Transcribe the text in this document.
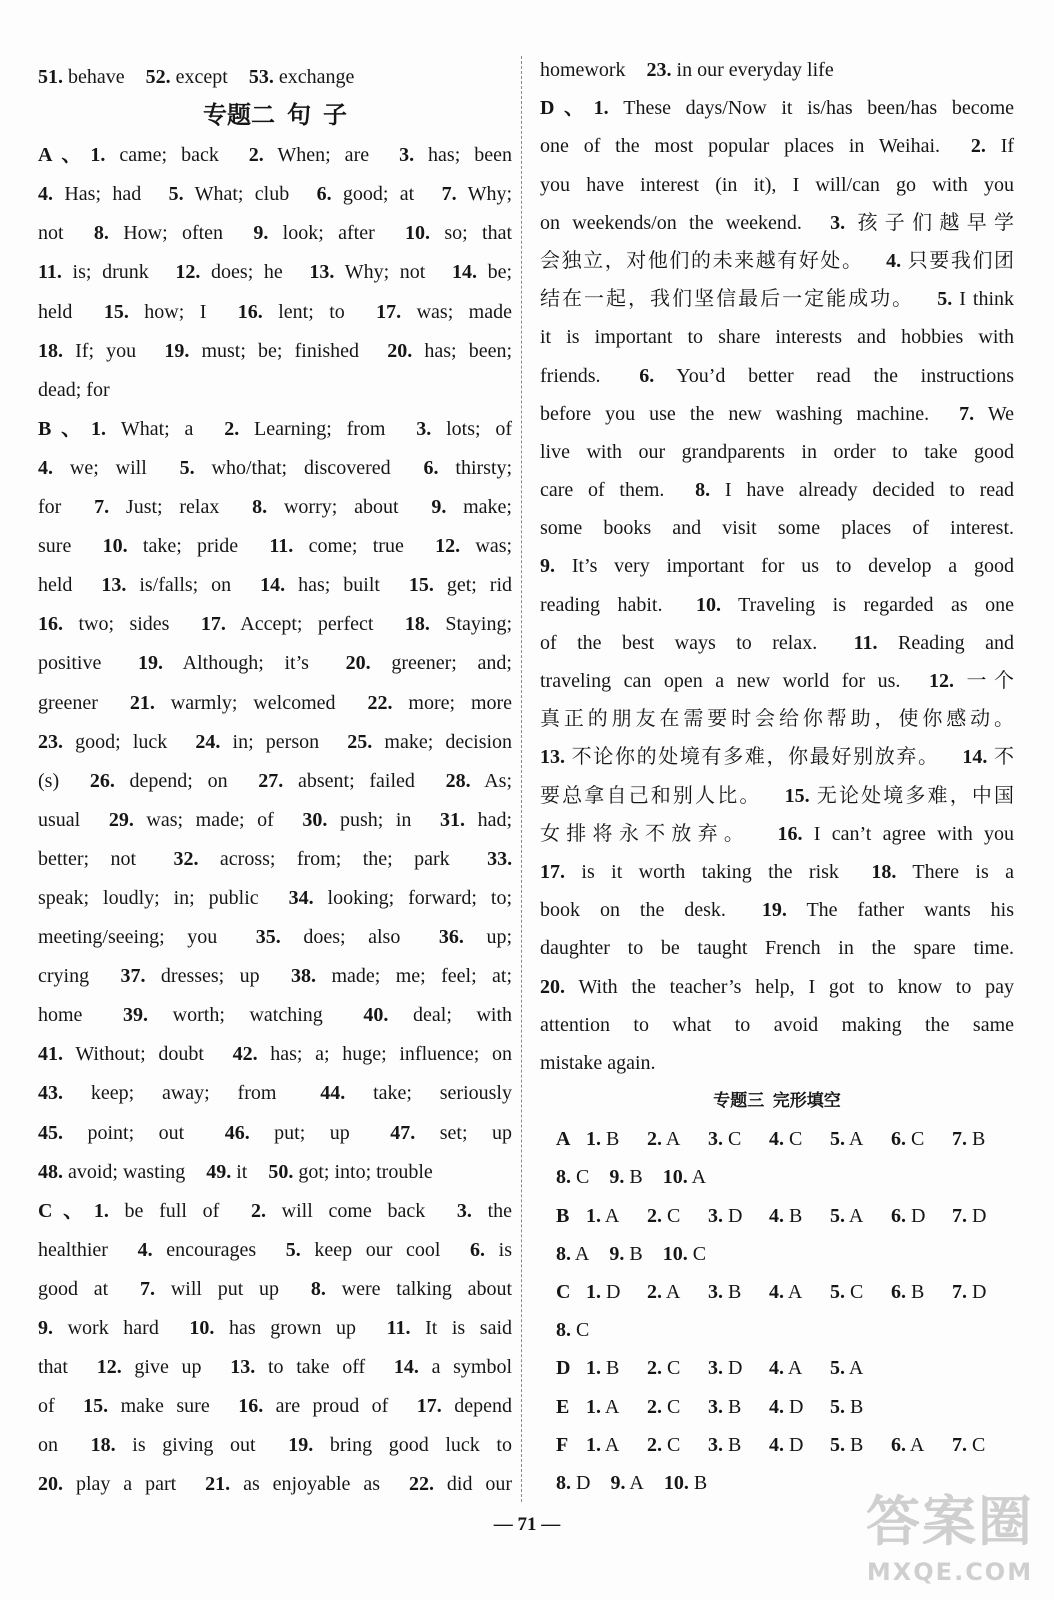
51. behave 52. except 53. exchange
专题二  句  子
A、1. came; back 2. When; are 3. has; been
4. Has; had 5. What; club 6. good; at 7. Why;
not 8. How; often 9. look; after 10. so; that
11. is; drunk 12. does; he 13. Why; not 14. be;
held 15. how; I 16. lent; to 17. was; made
18. If; you 19. must; be; finished 20. has; been;
dead; for
B、1. What; a 2. Learning; from 3. lots; of
4. we; will 5. who/that; discovered 6. thirsty;
for 7. Just; relax 8. worry; about 9. make;
sure 10. take; pride 11. come; true 12. was;
held 13. is/falls; on 14. has; built 15. get; rid
16. two; sides 17. Accept; perfect 18. Staying;
positive 19. Although; it’s 20. greener; and;
greener 21. warmly; welcomed 22. more; more
23. good; luck 24. in; person 25. make; decision
(s) 26. depend; on 27. absent; failed 28. As;
usual 29. was; made; of 30. push; in 31. had;
better; not 32. across; from; the; park 33.
speak; loudly; in; public 34. looking; forward; to;
meeting/seeing; you 35. does; also 36. up;
crying 37. dresses; up 38. made; me; feel; at;
home 39. worth; watching 40. deal; with
41. Without; doubt 42. has; a; huge; influence; on
43. keep; away; from 44. take; seriously
45. point; out 46. put; up 47. set; up
48. avoid; wasting 49. it 50. got; into; trouble
C、1. be full of 2. will come back 3. the
healthier 4. encourages 5. keep our cool 6. is
good at 7. will put up 8. were talking about
9. work hard 10. has grown up 11. It is said
that 12. give up 13. to take off 14. a symbol
of 15. make sure 16. are proud of 17. depend
on 18. is giving out 19. bring good luck to
20. play a part 21. as enjoyable as 22. did our
homework 23. in our everyday life
D、1. These days/Now it is/has been/has become
one of the most popular places in Weihai. 2. If
you have interest (in it), I will/can go with you
on weekends/on the weekend. 3. 孩子们越早学
会独立，对他们的未来越有好处。 4. 只要我们团
结在一起，我们坚信最后一定能成功。 5. I think
it is important to share interests and hobbies with
friends. 6. You’d better read the instructions
before you use the new washing machine. 7. We
live with our grandparents in order to take good
care of them. 8. I have already decided to read
some books and visit some places of interest.
9. It’s very important for us to develop a good
reading habit. 10. Traveling is regarded as one
of the best ways to relax. 11. Reading and
traveling can open a new world for us. 12. 一个
真正的朋友在需要时会给你帮助，使你感动。
13. 不论你的处境有多难，你最好别放弃。 14. 不
要总拿自己和别人比。 15. 无论处境多难，中国
女排将永不放弃。 16. I can’t agree with you
17. is it worth taking the risk 18. There is a
book on the desk. 19. The father wants his
daughter to be taught French in the spare time.
20. With the teacher’s help, I got to know to pay
attention to what to avoid making the same
mistake again.
专题三  完形填空
A 1. B	2. A	3. C	4. C	5. A	6. C	7. B
8. C 9. B 10. A
B 1. A	2. C	3. D	4. B	5. A	6. D	7. D
8. A 9. B 10. C
C 1. D	2. A	3. B	4. A	5. C	6. B	7. D
8. C
D 1. B	2. C	3. D	4. A	5. A
E 1. A	2. C	3. B	4. D	5. B
F 1. A	2. C	3. B	4. D	5. B	6. A	7. C
8. D 9. A 10. B
— 71 —	答案圈
MXQE.COM
